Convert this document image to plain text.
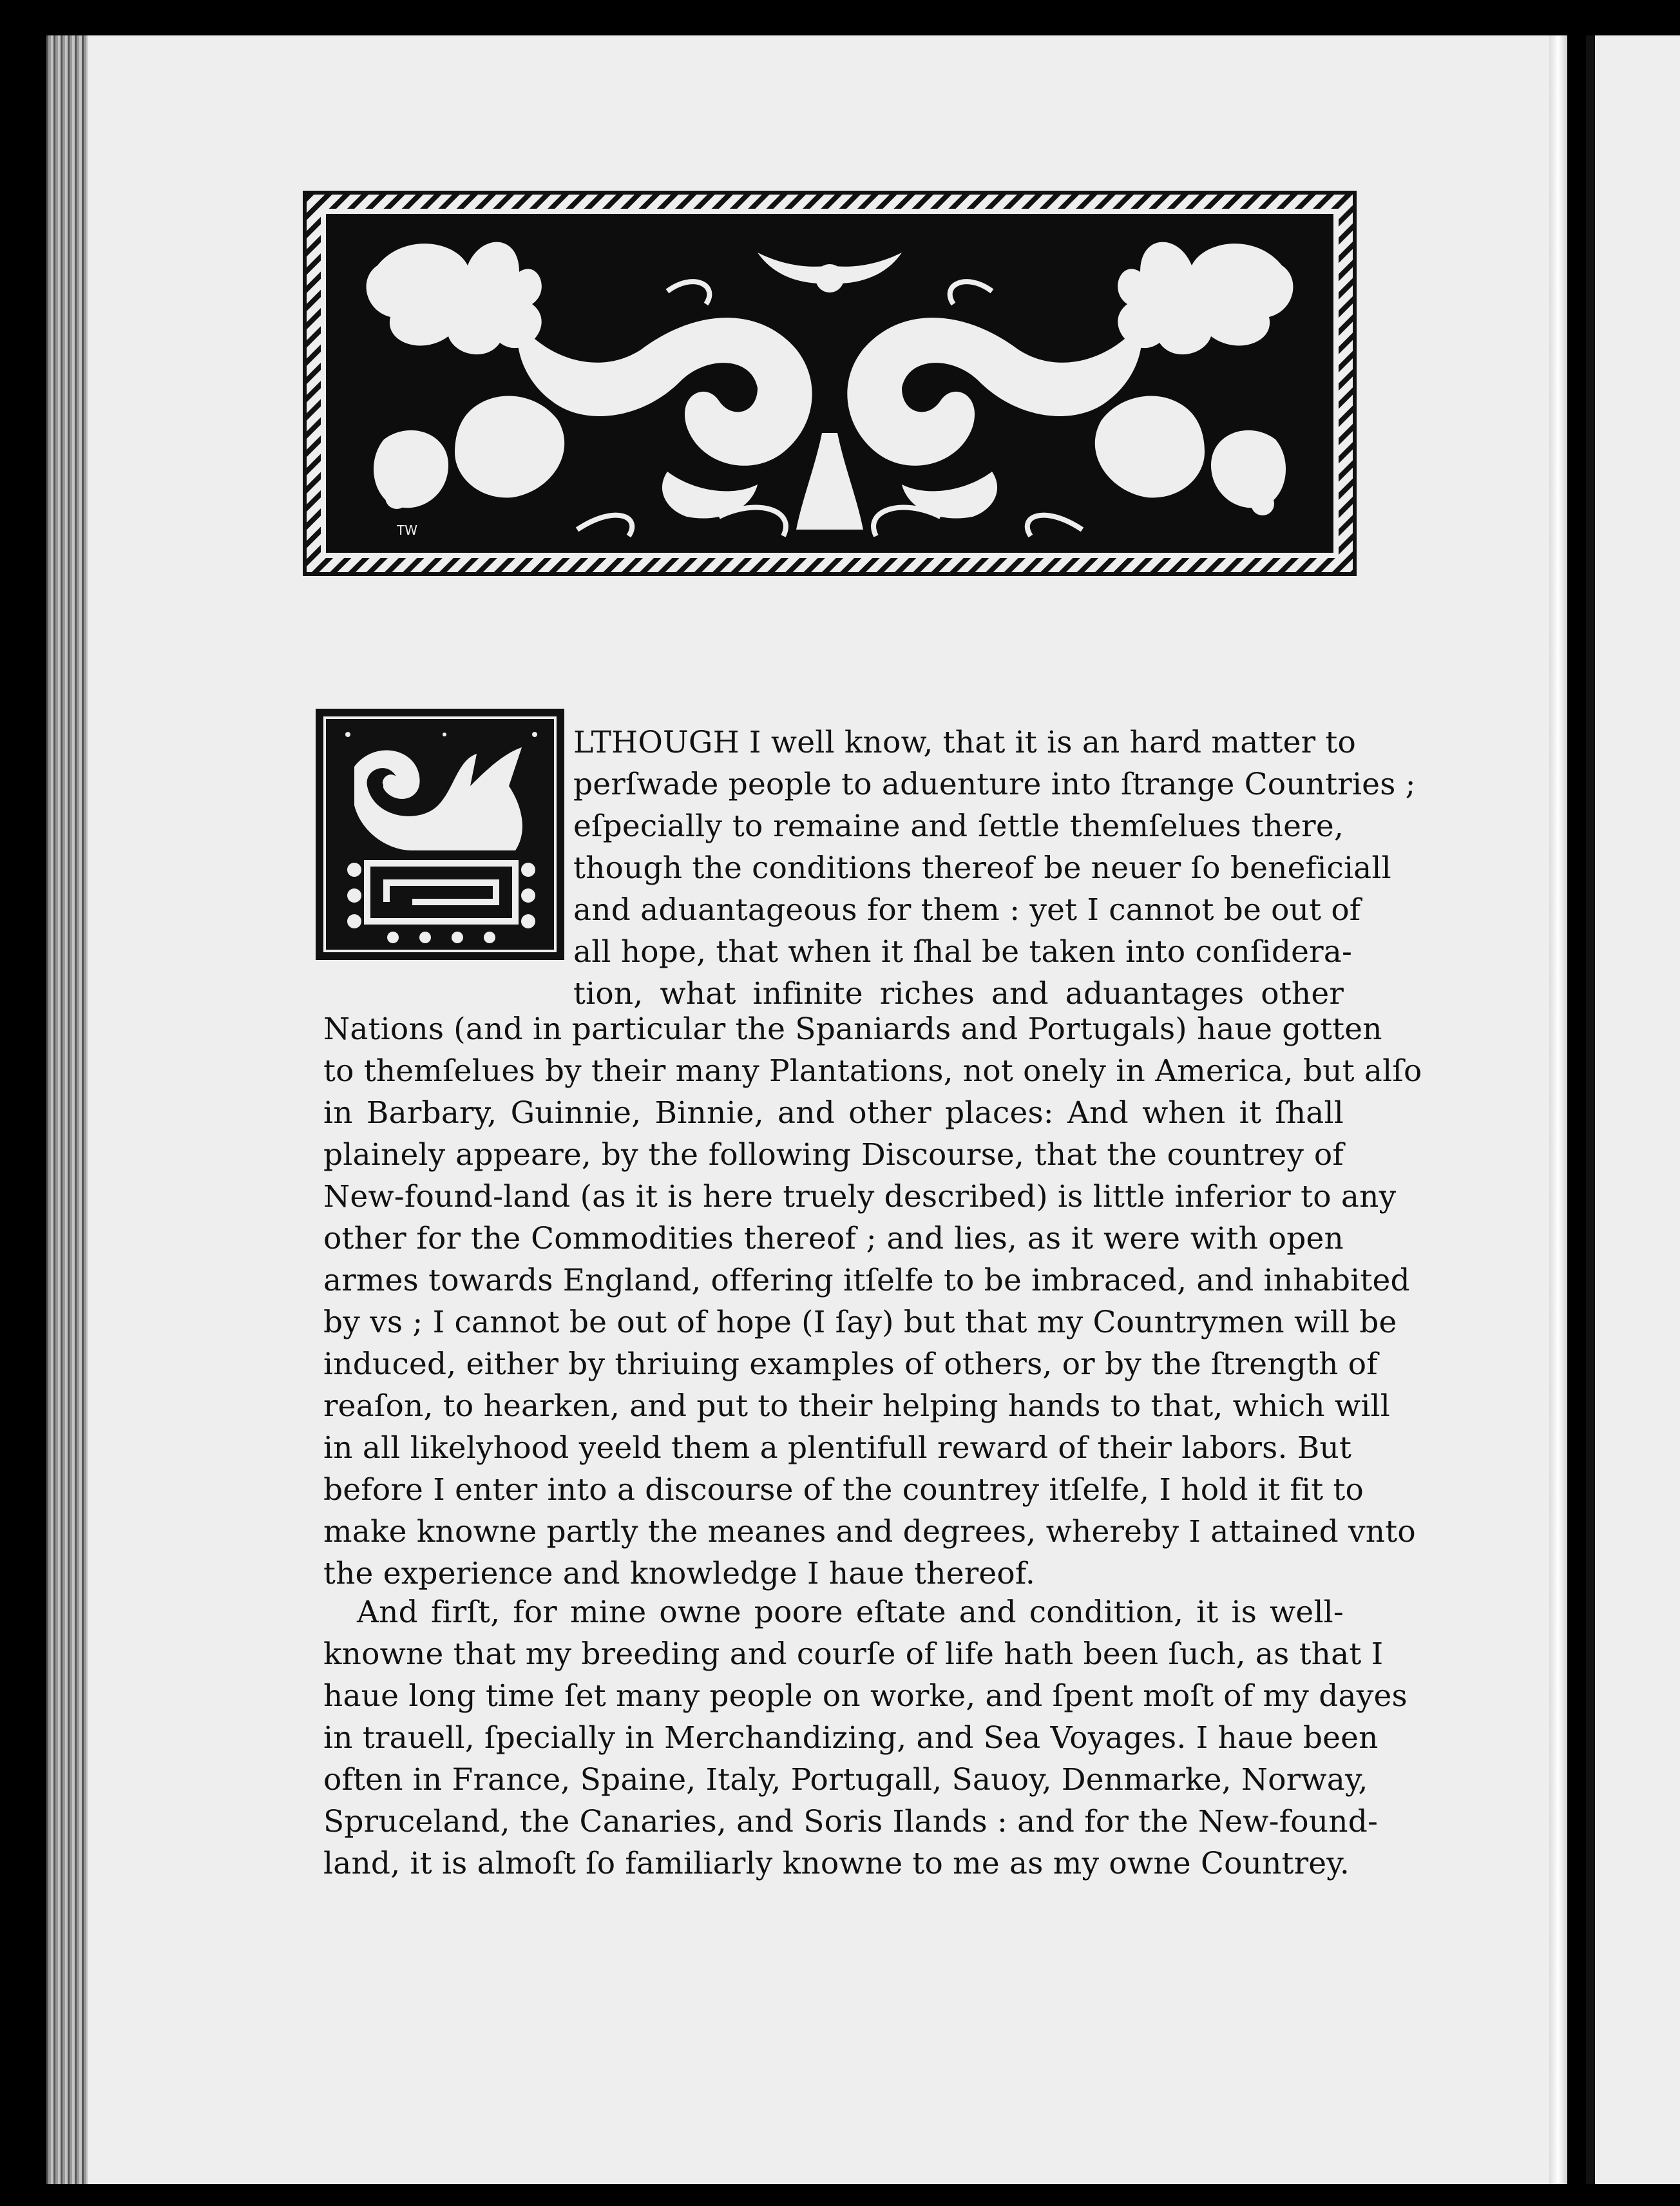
TW
A
LTHOUGH I well know, that it is an hard matter to
perſwade people to aduenture into ſtrange Countries ;
eſpecially to remaine and ſettle themſelues there,
though the conditions thereof be neuer ſo beneficiall
and aduantageous for them : yet I cannot be out of
all hope, that when it ſhal be taken into conſidera-
tion, what infinite riches and aduantages other
Nations (and in particular the Spaniards and Portugals) haue gotten
to themſelues by their many Plantations, not onely in America, but alſo
in Barbary, Guinnie, Binnie, and other places: And when it ſhall
plainely appeare, by the following Discourse, that the countrey of
New-found-land (as it is here truely described) is little inferior to any
other for the Commodities thereof ; and lies, as it were with open
armes towards England, offering itſelfe to be imbraced, and inhabited
by vs ; I cannot be out of hope (I ſay) but that my Countrymen will be
induced, either by thriuing examples of others, or by the ſtrength of
reaſon, to hearken, and put to their helping hands to that, which will
in all likelyhood yeeld them a plentifull reward of their labors. But
before I enter into a discourse of the countrey itſelfe, I hold it fit to
make knowne partly the meanes and degrees, whereby I attained vnto
the experience and knowledge I haue thereof.
And firſt, for mine owne poore eſtate and condition, it is well-
knowne that my breeding and courſe of life hath been ſuch, as that I
haue long time ſet many people on worke, and ſpent moſt of my dayes
in trauell, ſpecially in Merchandizing, and Sea Voyages. I haue been
often in France, Spaine, Italy, Portugall, Sauoy, Denmarke, Norway,
Spruceland, the Canaries, and Soris Ilands : and for the New-found-
land, it is almoſt ſo familiarly knowne to me as my owne Countrey.
